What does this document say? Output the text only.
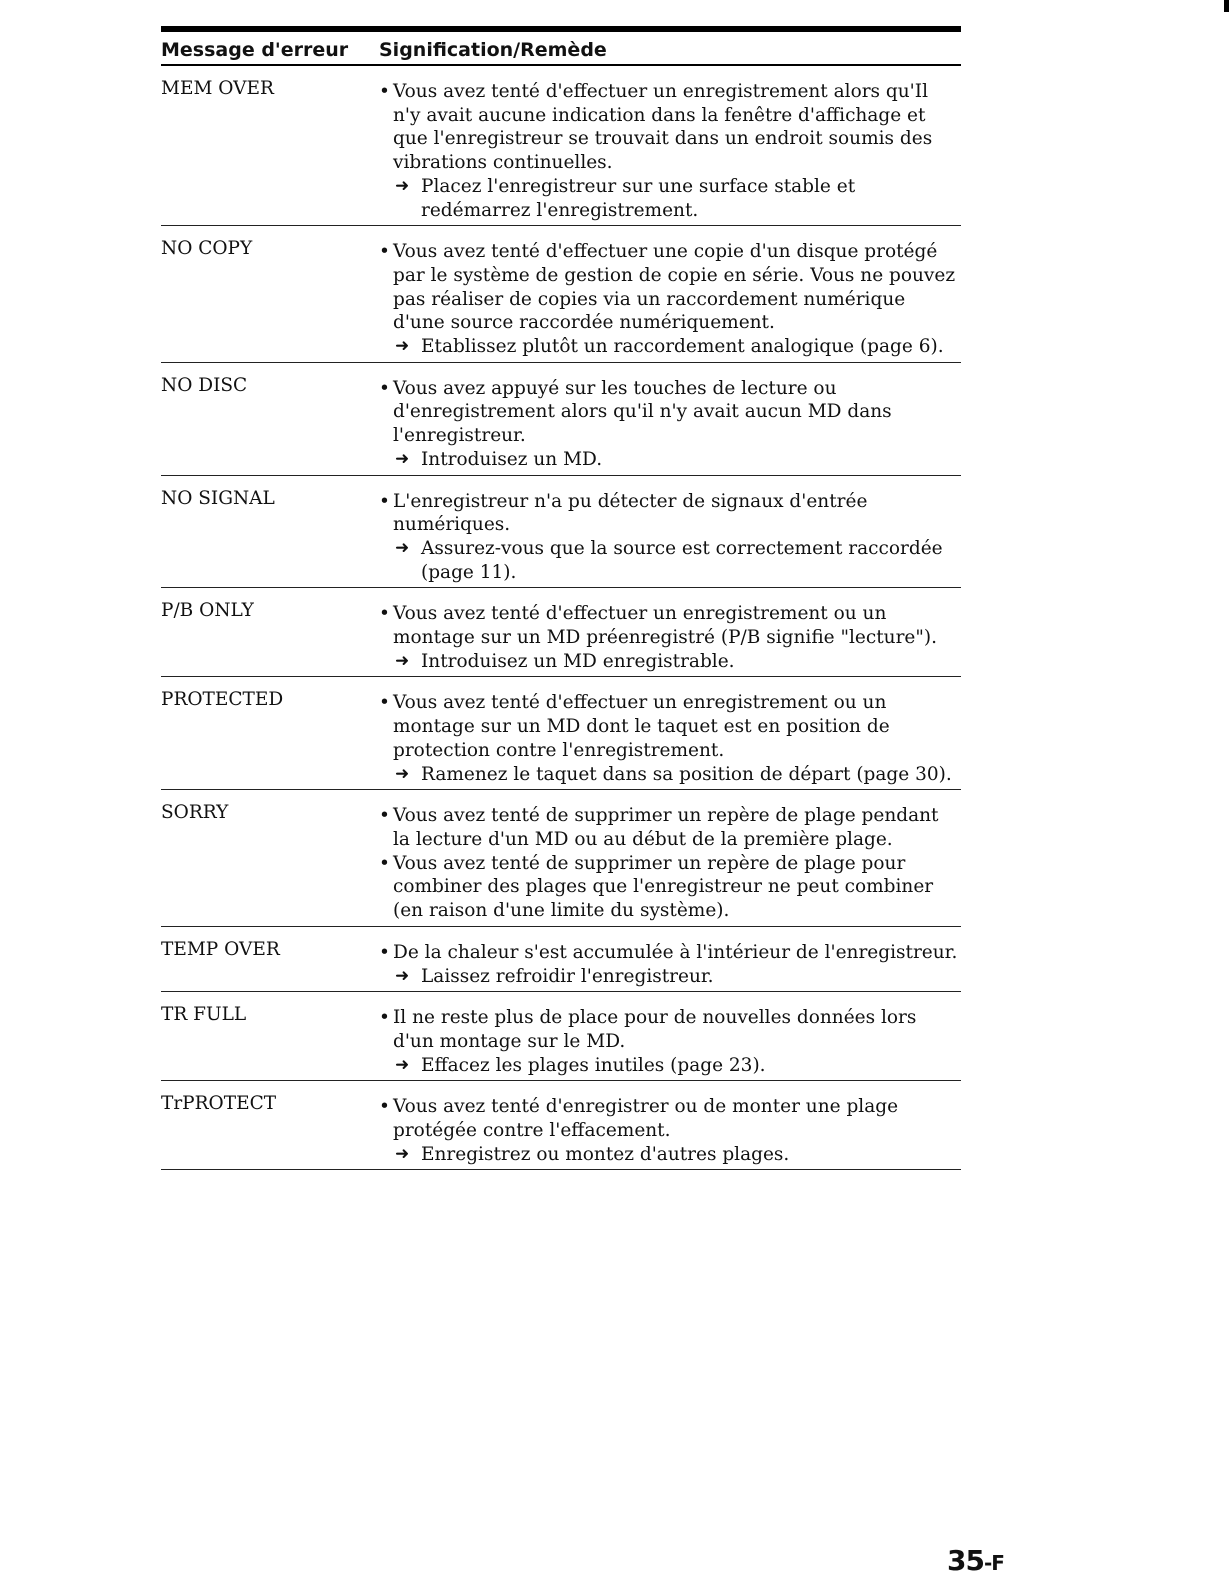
Message d'erreur	Signification/Remède
MEM OVER	• Vous avez tenté d'effectuer un enregistrement alors qu'Il n'y avait aucune indication dans la fenêtre d'affichage et que l'enregistreur se trouvait dans un endroit soumis des vibrations continuelles.
➜ Placez l'enregistreur sur une surface stable et redémarrez l'enregistrement.
NO COPY	• Vous avez tenté d'effectuer une copie d'un disque protégé par le système de gestion de copie en série. Vous ne pouvez pas réaliser de copies via un raccordement numérique d'une source raccordée numériquement.
➜ Etablissez plutôt un raccordement analogique (page 6).
NO DISC	• Vous avez appuyé sur les touches de lecture ou d'enregistrement alors qu'il n'y avait aucun MD dans l'enregistreur.
➜ Introduisez un MD.
NO SIGNAL	• L'enregistreur n'a pu détecter de signaux d'entrée numériques.
➜ Assurez-vous que la source est correctement raccordée (page 11).
P/B ONLY	• Vous avez tenté d'effectuer un enregistrement ou un montage sur un MD préenregistré (P/B signifie "lecture").
➜ Introduisez un MD enregistrable.
PROTECTED	• Vous avez tenté d'effectuer un enregistrement ou un montage sur un MD dont le taquet est en position de protection contre l'enregistrement.
➜ Ramenez le taquet dans sa position de départ (page 30).
SORRY	• Vous avez tenté de supprimer un repère de plage pendant la lecture d'un MD ou au début de la première plage.
• Vous avez tenté de supprimer un repère de plage pour combiner des plages que l'enregistreur ne peut combiner (en raison d'une limite du système).
TEMP OVER	• De la chaleur s'est accumulée à l'intérieur de l'enregistreur.
➜ Laissez refroidir l'enregistreur.
TR FULL	• Il ne reste plus de place pour de nouvelles données lors d'un montage sur le MD.
➜ Effacez les plages inutiles (page 23).
TrPROTECT	• Vous avez tenté d'enregistrer ou de monter une plage protégée contre l'effacement.
➜ Enregistrez ou montez d'autres plages.
35-F
